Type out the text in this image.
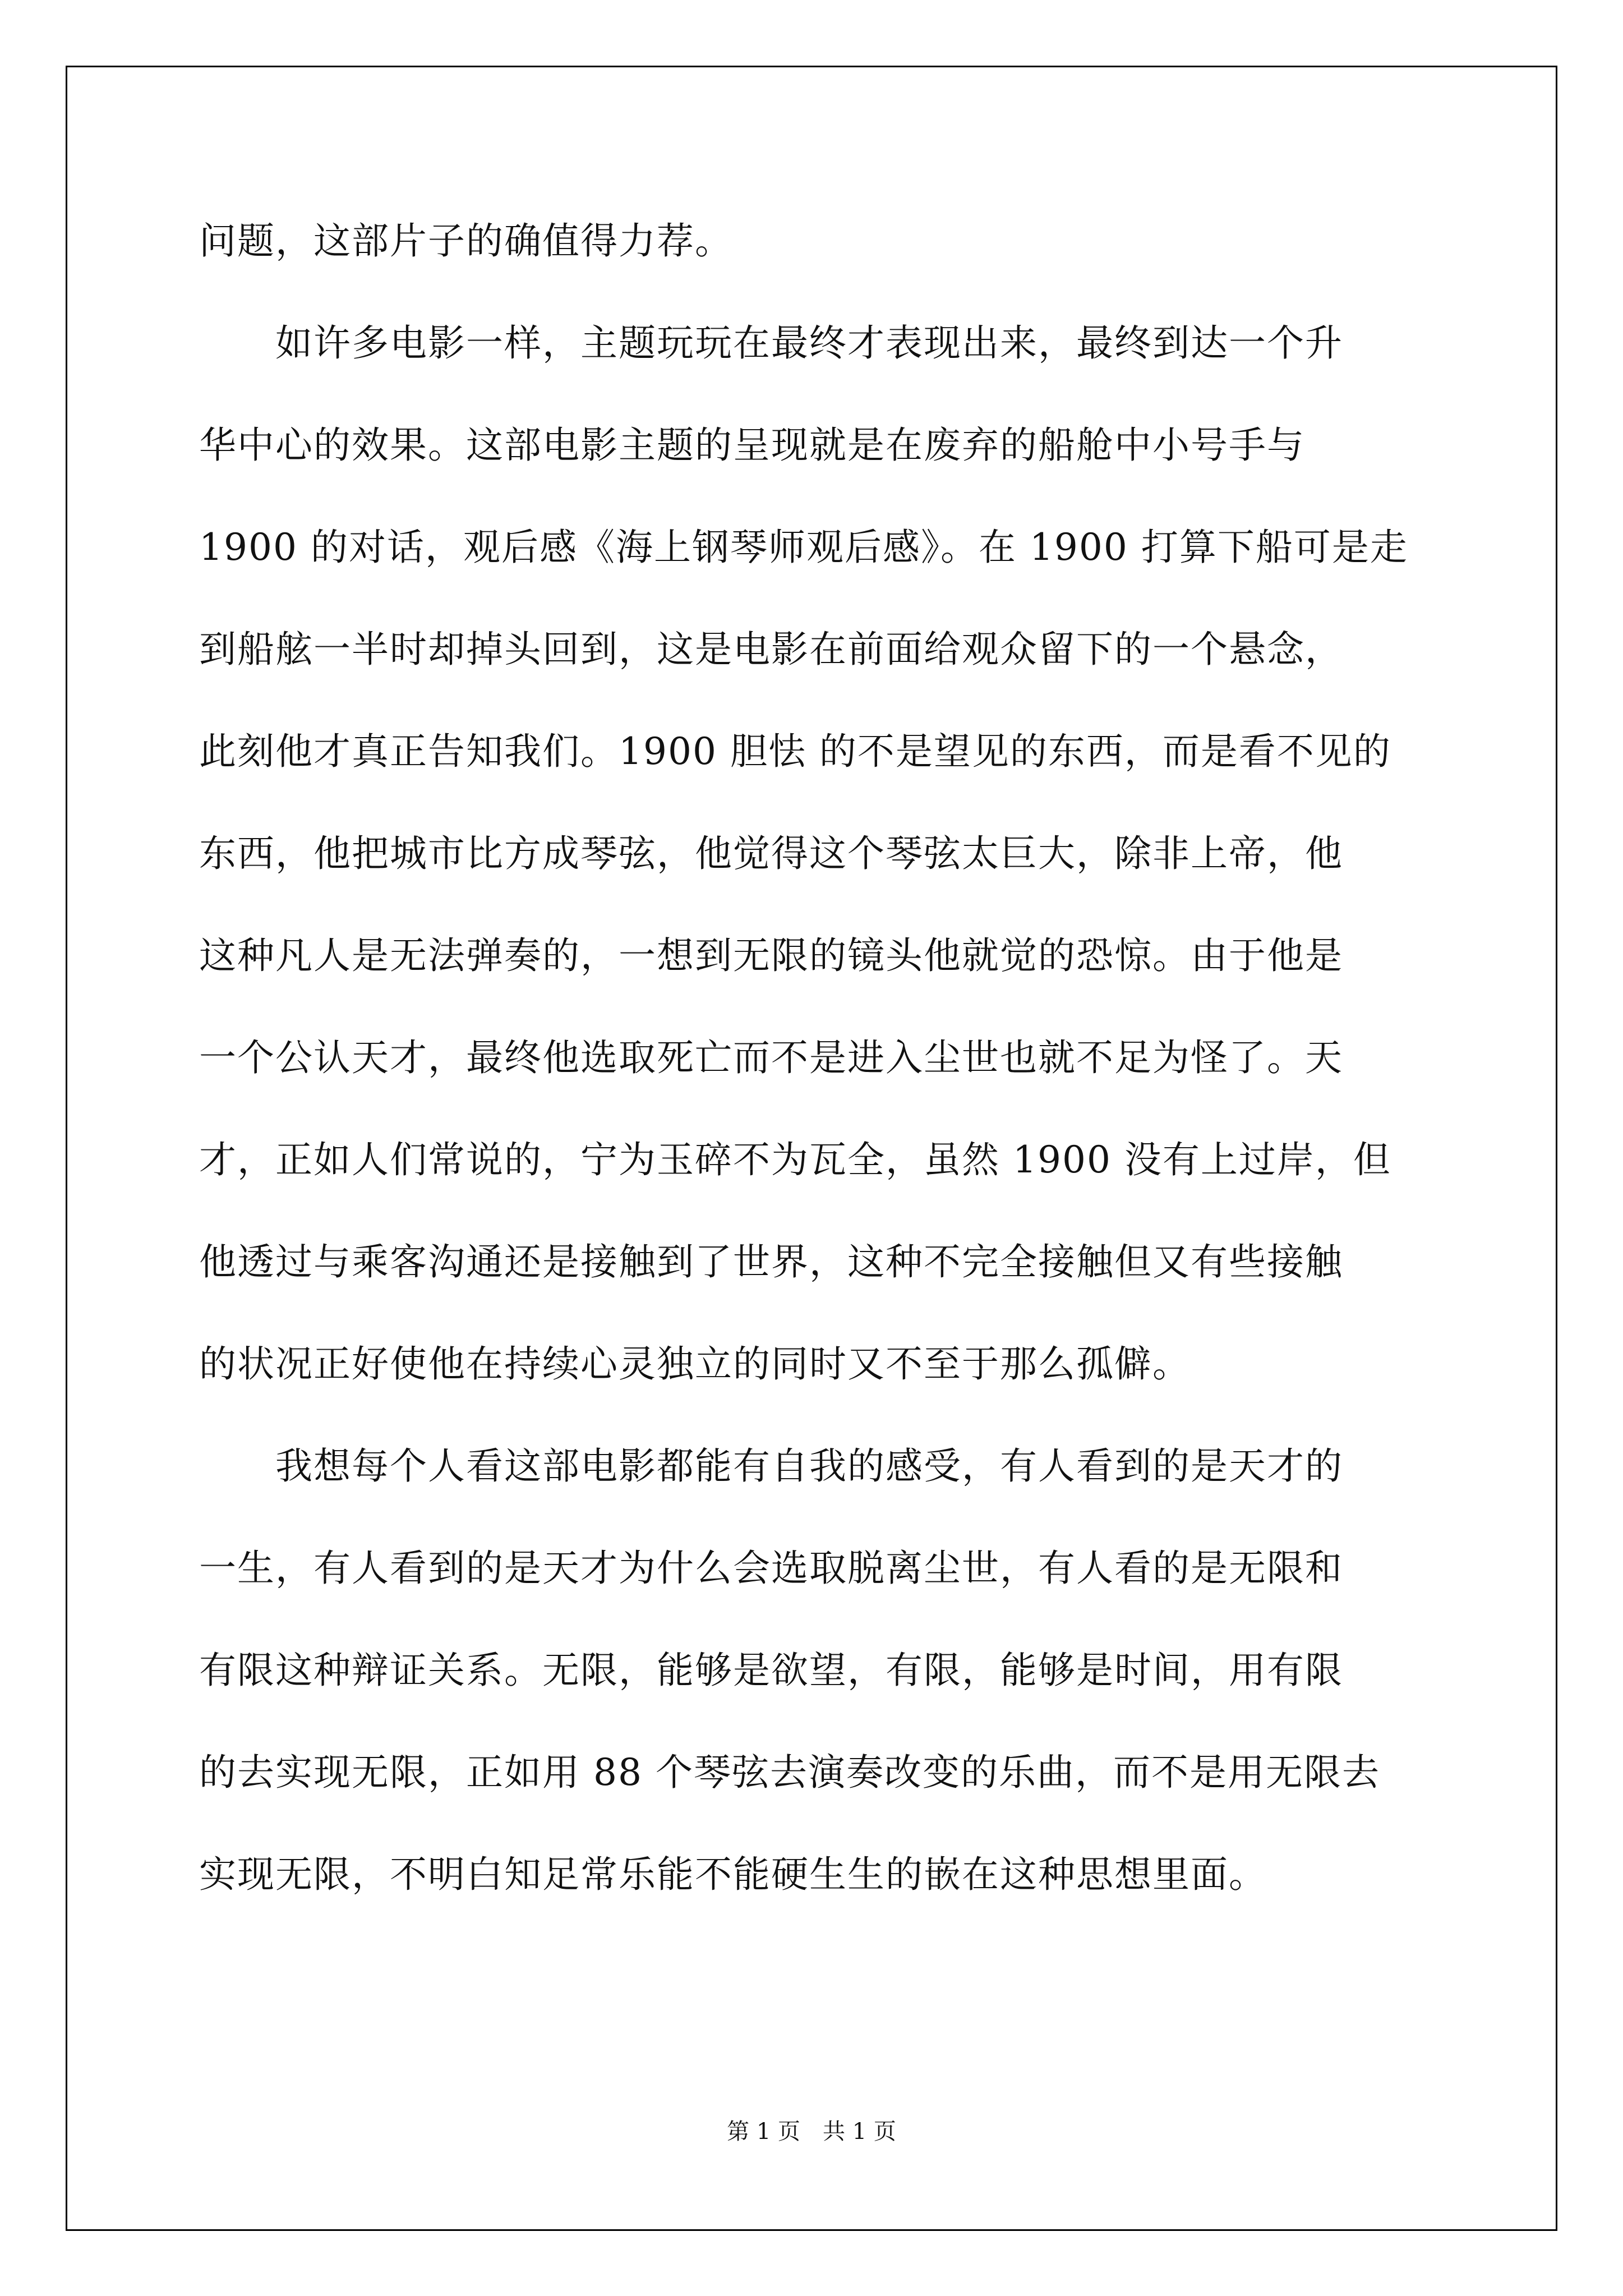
问题，这部片子的确值得力荐。
　　如许多电影一样，主题玩玩在最终才表现出来，最终到达一个升
华中心的效果。这部电影主题的呈现就是在废弃的船舱中小号手与
1900 的对话，观后感《海上钢琴师观后感》。在 1900 打算下船可是走
到船舷一半时却掉头回到，这是电影在前面给观众留下的一个悬念，
此刻他才真正告知我们。1900 胆怯 的不是望见的东西，而是看不见的
东西，他把城市比方成琴弦，他觉得这个琴弦太巨大，除非上帝，他
这种凡人是无法弹奏的，一想到无限的镜头他就觉的恐惊。由于他是
一个公认天才，最终他选取死亡而不是进入尘世也就不足为怪了。天
才，正如人们常说的，宁为玉碎不为瓦全，虽然 1900 没有上过岸，但
他透过与乘客沟通还是接触到了世界，这种不完全接触但又有些接触
的状况正好使他在持续心灵独立的同时又不至于那么孤僻。
　　我想每个人看这部电影都能有自我的感受，有人看到的是天才的
一生，有人看到的是天才为什么会选取脱离尘世，有人看的是无限和
有限这种辩证关系。无限，能够是欲望，有限，能够是时间，用有限
的去实现无限，正如用 88 个琴弦去演奏改变的乐曲，而不是用无限去
实现无限，不明白知足常乐能不能硬生生的嵌在这种思想里面。
第 1 页　共 1 页
